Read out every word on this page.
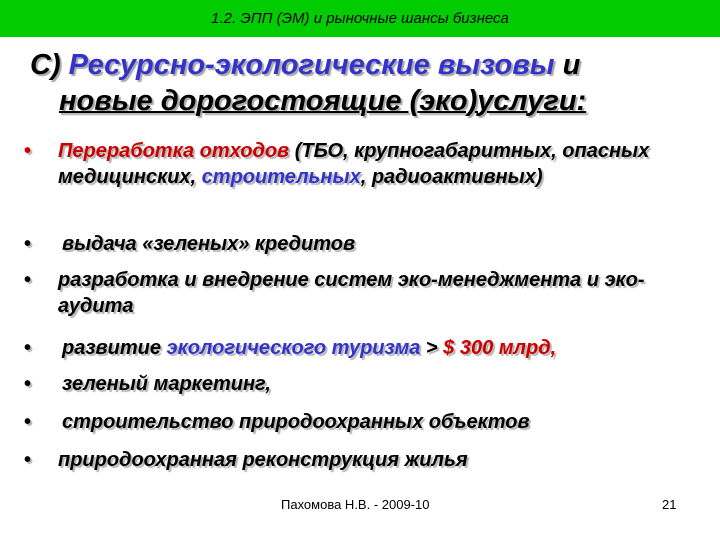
1.2. ЭПП (ЭМ) и рыночные шансы бизнеса
С) Ресурсно-экологические вызовы и
новые дорогостоящие (эко)услуги:
•	Переработка отходов (ТБО, крупногабаритных, опасных медицинских, строительных, радиоактивных)
•	выдача «зеленых» кредитов
•	разработка и внедрение систем эко-менеджмента и эко-аудита
•	развитие экологического туризма > $ 300 млрд,
•	зеленый маркетинг,
•	строительство природоохранных объектов
•	природоохранная реконструкция жилья
Пахомова Н.В. - 2009-10	21
